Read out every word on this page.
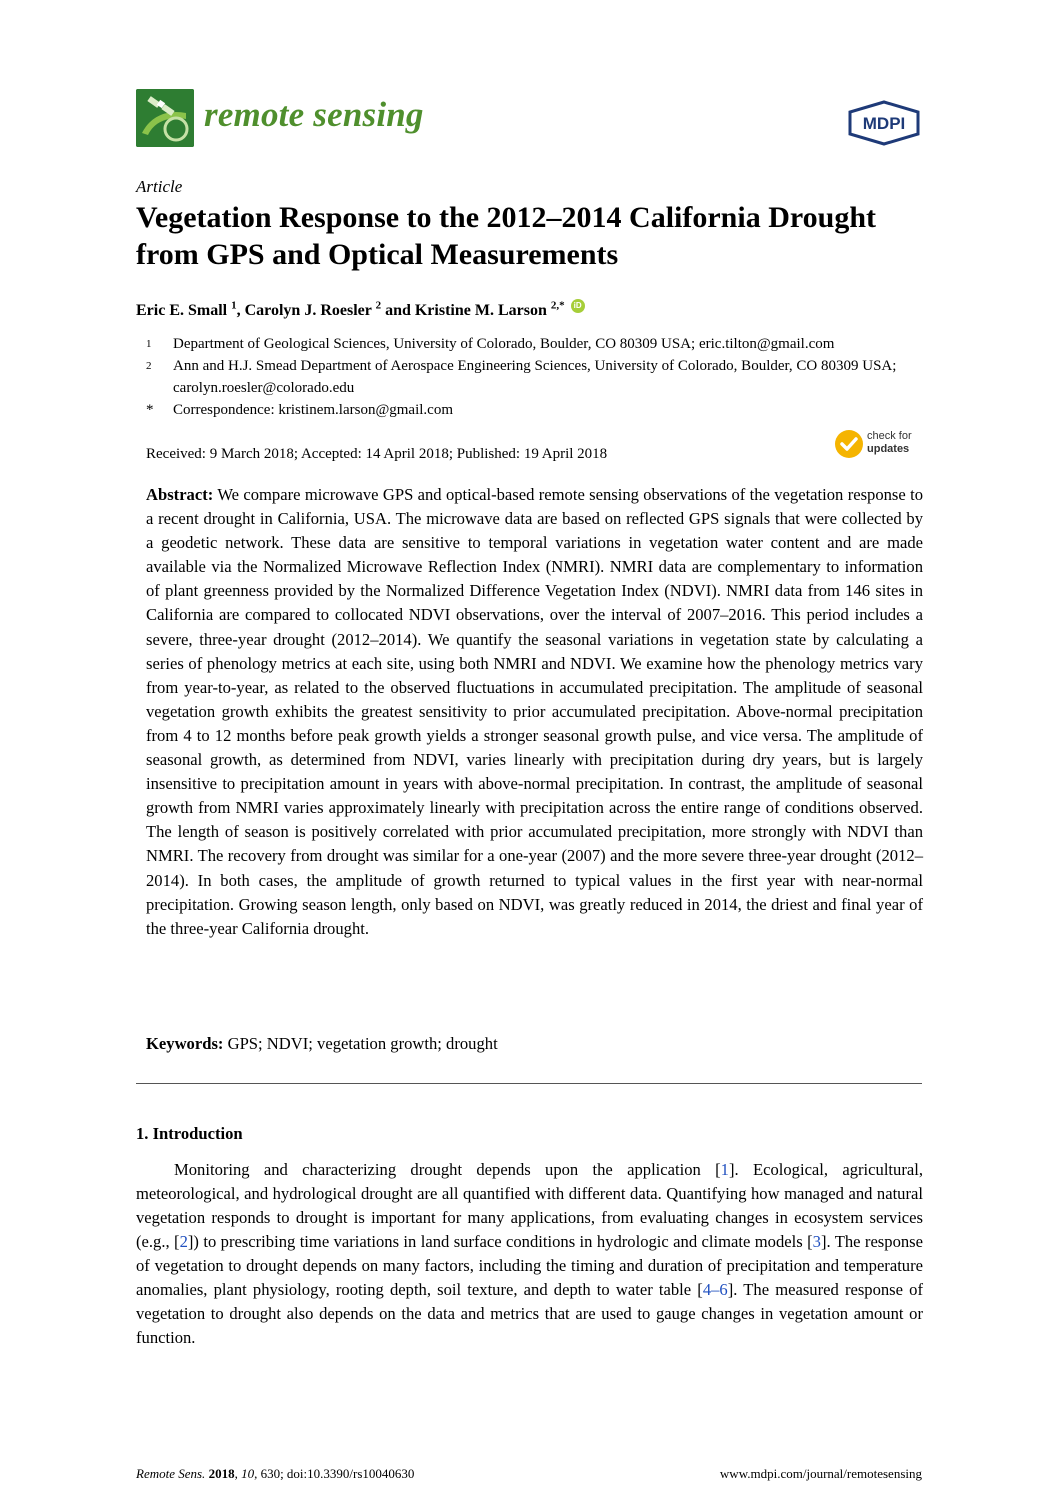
remote sensing	MDPI
Article
Vegetation Response to the 2012–2014 California Drought from GPS and Optical Measurements
Eric E. Small $^1$, Carolyn J. Roesler $^2$ and Kristine M. Larson $^{2,*}$ iD
1 Department of Geological Sciences, University of Colorado, Boulder, CO 80309 USA; eric.tilton@gmail.com
2 Ann and H.J. Smead Department of Aerospace Engineering Sciences, University of Colorado, Boulder, CO 80309 USA; carolyn.roesler@colorado.edu
* Correspondence: kristinem.larson@gmail.com
Received: 9 March 2018; Accepted: 14 April 2018; Published: 19 April 2018
check for
updates
Abstract: We compare microwave GPS and optical-based remote sensing observations of the vegetation response to a recent drought in California, USA. The microwave data are based on reflected GPS signals that were collected by a geodetic network. These data are sensitive to temporal variations in vegetation water content and are made available via the Normalized Microwave Reflection Index (NMRI). NMRI data are complementary to information of plant greenness provided by the Normalized Difference Vegetation Index (NDVI). NMRI data from 146 sites in California are compared to collocated NDVI observations, over the interval of 2007–2016. This period includes a severe, three-year drought (2012–2014). We quantify the seasonal variations in vegetation state by calculating a series of phenology metrics at each site, using both NMRI and NDVI. We examine how the phenology metrics vary from year-to-year, as related to the observed fluctuations in accumulated precipitation. The amplitude of seasonal vegetation growth exhibits the greatest sensitivity to prior accumulated precipitation. Above-normal precipitation from 4 to 12 months before peak growth yields a stronger seasonal growth pulse, and vice versa. The amplitude of seasonal growth, as determined from NDVI, varies linearly with precipitation during dry years, but is largely insensitive to precipitation amount in years with above-normal precipitation. In contrast, the amplitude of seasonal growth from NMRI varies approximately linearly with precipitation across the entire range of conditions observed. The length of season is positively correlated with prior accumulated precipitation, more strongly with NDVI than NMRI. The recovery from drought was similar for a one-year (2007) and the more severe three-year drought (2012–2014). In both cases, the amplitude of growth returned to typical values in the first year with near-normal precipitation. Growing season length, only based on NDVI, was greatly reduced in 2014, the driest and final year of the three-year California drought.
Keywords: GPS; NDVI; vegetation growth; drought
1. Introduction
Monitoring and characterizing drought depends upon the application [1]. Ecological, agricultural, meteorological, and hydrological drought are all quantified with different data. Quantifying how managed and natural vegetation responds to drought is important for many applications, from evaluating changes in ecosystem services (e.g., [2]) to prescribing time variations in land surface conditions in hydrologic and climate models [3]. The response of vegetation to drought depends on many factors, including the timing and duration of precipitation and temperature anomalies, plant physiology, rooting depth, soil texture, and depth to water table [4–6]. The measured response of vegetation to drought also depends on the data and metrics that are used to gauge changes in vegetation amount or function.
Remote Sens. 2018, 10, 630; doi:10.3390/rs10040630	www.mdpi.com/journal/remotesensing
